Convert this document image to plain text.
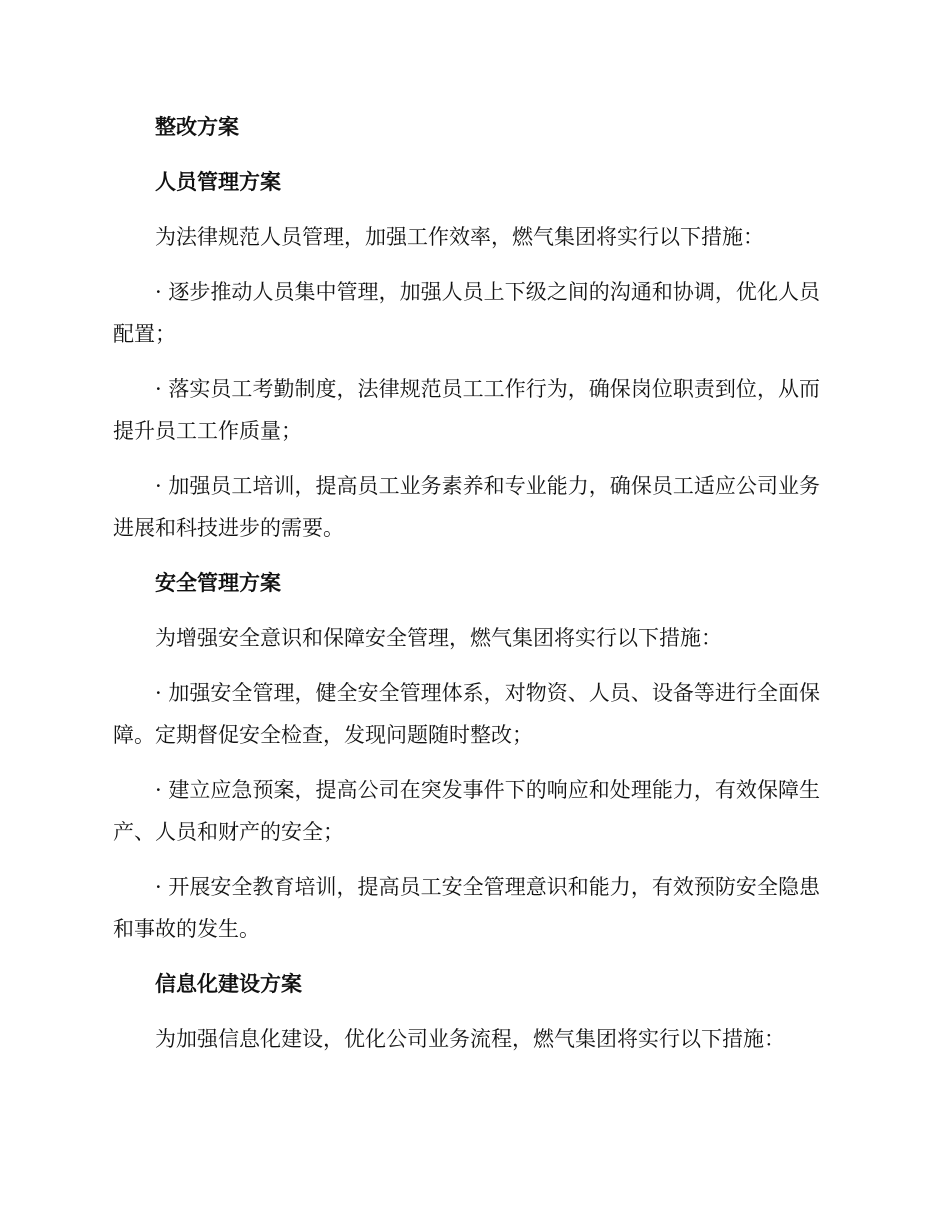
整改方案
人员管理方案

为法律规范人员管理，加强工作效率，燃气集团将实行以下措施：

· 逐步推动人员集中管理，加强人员上下级之间的沟通和协调，优化人员配置；

· 落实员工考勤制度，法律规范员工工作行为，确保岗位职责到位，从而提升员工工作质量；

· 加强员工培训，提高员工业务素养和专业能力，确保员工适应公司业务进展和科技进步的需要。

安全管理方案

为增强安全意识和保障安全管理，燃气集团将实行以下措施：

· 加强安全管理，健全安全管理体系，对物资、人员、设备等进行全面保障。定期督促安全检查，发现问题随时整改；

· 建立应急预案，提高公司在突发事件下的响应和处理能力，有效保障生产、人员和财产的安全；

· 开展安全教育培训，提高员工安全管理意识和能力，有效预防安全隐患和事故的发生。

信息化建设方案

为加强信息化建设，优化公司业务流程，燃气集团将实行以下措施：
